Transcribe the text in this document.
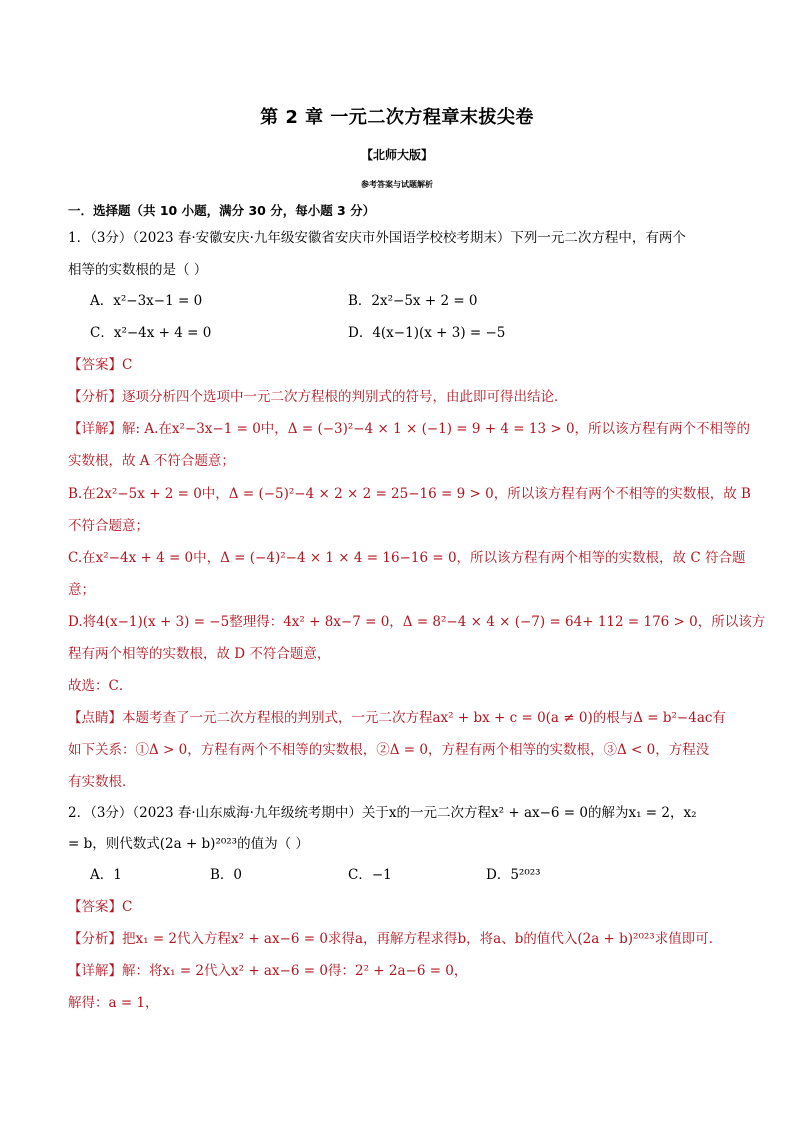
第 2 章 一元二次方程章末拔尖卷
【北师大版】
参考答案与试题解析
一．选择题（共 10 小题，满分 30 分，每小题 3 分）
1．（3分）（2023 春·安徽安庆·九年级安徽省安庆市外国语学校校考期末）下列一元二次方程中，有两个
相等的实数根的是（ ）
A．x²−3x−1 = 0	B．2x²−5x + 2 = 0
C．x²−4x + 4 = 0	D．4(x−1)(x + 3) = −5
【答案】C
【分析】逐项分析四个选项中一元二次方程根的判别式的符号，由此即可得出结论．
【详解】解: A.在x²−3x−1 = 0中，Δ = (−3)²−4 × 1 × (−1) = 9 + 4 = 13 > 0，所以该方程有两个不相等的
实数根，故 A 不符合题意；
B.在2x²−5x + 2 = 0中，Δ = (−5)²−4 × 2 × 2 = 25−16 = 9 > 0，所以该方程有两个不相等的实数根，故 B
不符合题意；
C.在x²−4x + 4 = 0中，Δ = (−4)²−4 × 1 × 4 = 16−16 = 0，所以该方程有两个相等的实数根，故 C 符合题
意；
D.将4(x−1)(x + 3) = −5整理得：4x² + 8x−7 = 0，Δ = 8²−4 × 4 × (−7) = 64+ 112 = 176 > 0，所以该方
程有两个相等的实数根，故 D 不符合题意，
故选：C．
【点睛】本题考查了一元二次方程根的判别式，一元二次方程ax² + bx + c = 0(a ≠ 0)的根与Δ = b²−4ac有
如下关系：①Δ > 0，方程有两个不相等的实数根，②Δ = 0，方程有两个相等的实数根，③Δ < 0，方程没
有实数根．
2．（3分）（2023 春·山东威海·九年级统考期中）关于x的一元二次方程x² + ax−6 = 0的解为x₁ = 2，x₂
= b，则代数式(2a + b)²⁰²³的值为（ ）
A．1	B．0	C．−1	D．5²⁰²³
【答案】C
【分析】把x₁ = 2代入方程x² + ax−6 = 0求得a，再解方程求得b，将a、b的值代入(2a + b)²⁰²³求值即可．
【详解】解：将x₁ = 2代入x² + ax−6 = 0得：2² + 2a−6 = 0，
解得：a = 1，
